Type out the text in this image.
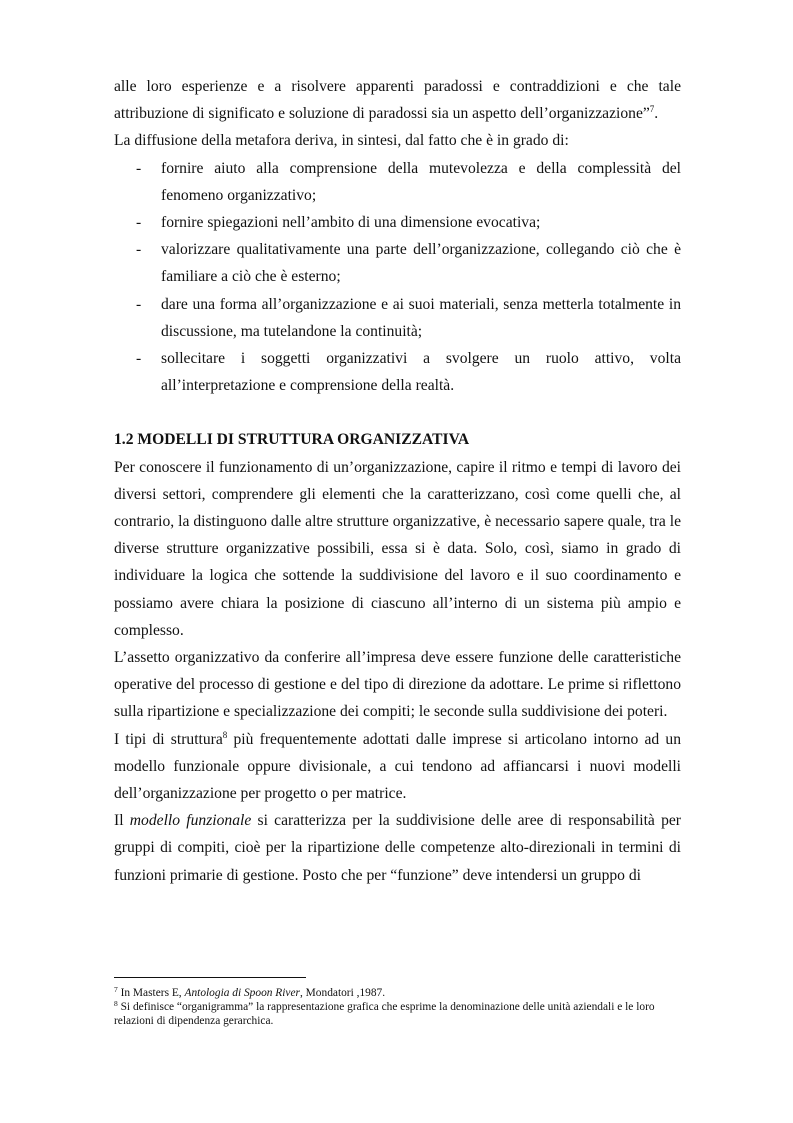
alle loro esperienze e a risolvere apparenti paradossi e contraddizioni e che tale attribuzione di significato e soluzione di paradossi sia un aspetto dell’organizzazione”$^7$.

La diffusione della metafora deriva, in sintesi, dal fatto che è in grado di:

- fornire aiuto alla comprensione della mutevolezza e della complessità del fenomeno organizzativo;
- fornire spiegazioni nell’ambito di una dimensione evocativa;
- valorizzare qualitativamente una parte dell’organizzazione, collegando ciò che è familiare a ciò che è esterno;
- dare una forma all’organizzazione e ai suoi materiali, senza metterla totalmente in discussione, ma tutelandone la continuità;
- sollecitare i soggetti organizzativi a svolgere un ruolo attivo, volta all’interpretazione e comprensione della realtà.
1.2 MODELLI DI STRUTTURA ORGANIZZATIVA

Per conoscere il funzionamento di un’organizzazione, capire il ritmo e tempi di lavoro dei diversi settori, comprendere gli elementi che la caratterizzano, così come quelli che, al contrario, la distinguono dalle altre strutture organizzative, è necessario sapere quale, tra le diverse strutture organizzative possibili, essa si è data. Solo, così, siamo in grado di individuare la logica che sottende la suddivisione del lavoro e il suo coordinamento e possiamo avere chiara la posizione di ciascuno all’interno di un sistema più ampio e complesso.

L’assetto organizzativo da conferire all’impresa deve essere funzione delle caratteristiche operative del processo di gestione e del tipo di direzione da adottare. Le prime si riflettono sulla ripartizione e specializzazione dei compiti; le seconde sulla suddivisione dei poteri.

I tipi di struttura$^8$ più frequentemente adottati dalle imprese si articolano intorno ad un modello funzionale oppure divisionale, a cui tendono ad affiancarsi i nuovi modelli dell’organizzazione per progetto o per matrice.

Il modello funzionale si caratterizza per la suddivisione delle aree di responsabilità per gruppi di compiti, cioè per la ripartizione delle competenze alto-direzionali in termini di funzioni primarie di gestione. Posto che per “funzione” deve intendersi un gruppo di

$^7$ In Masters E, Antologia di Spoon River, Mondatori ,1987.

$^8$ Si definisce “organigramma” la rappresentazione grafica che esprime la denominazione delle unità aziendali e le loro relazioni di dipendenza gerarchica.
